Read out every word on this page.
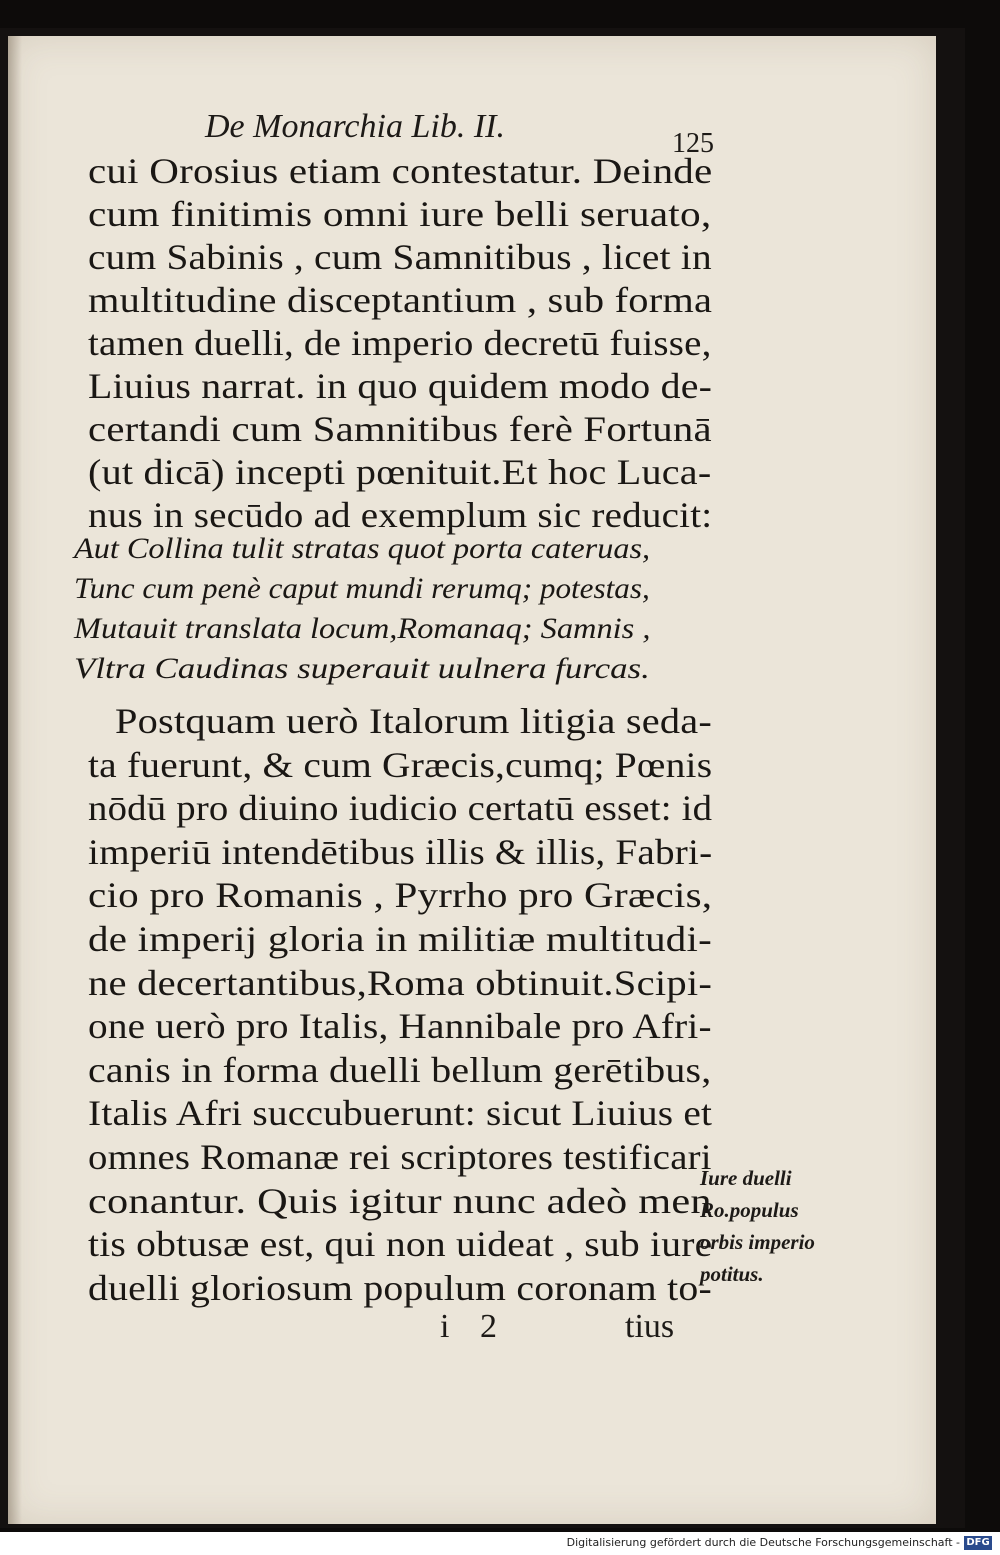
De Monarchia Lib. II.	125
cui Orosius etiam contestatur. Deinde
cum finitimis omni iure belli seruato,
cum Sabinis , cum Samnitibus , licet in
multitudine disceptantium , sub forma
tamen duelli, de imperio decretū fuisse,
Liuius narrat. in quo quidem modo de-
certandi cum Samnitibus ferè Fortunā
(ut dicā) incepti pœnituit.Et hoc Luca-
nus in secūdo ad exemplum sic reducit:
Aut Collina tulit stratas quot porta cateruas,
Tunc cum penè caput mundi rerumq; potestas,
Mutauit translata locum,Romanaq; Samnis ,
Vltra Caudinas superauit uulnera furcas.
Postquam uerò Italorum litigia seda-
ta fuerunt, & cum Græcis,cumq; Pœnis
nōdū pro diuino iudicio certatū esset: id
imperiū intendētibus illis & illis, Fabri-
cio pro Romanis , Pyrrho pro Græcis,
de imperij gloria in militiæ multitudi-
ne decertantibus,Roma obtinuit.Scipi-
one uerò pro Italis, Hannibale pro Afri-
canis in forma duelli bellum gerētibus,
Italis Afri succubuerunt: sicut Liuius et
omnes Romanæ rei scriptores testificari
conantur. Quis igitur nunc adeò men
tis obtusæ est, qui non uideat , sub iure
duelli gloriosum populum coronam to-
Iure duelli
Ro.populus
orbis imperio
potitus.
i 2	tius
Digitalisierung gefördert durch die Deutsche Forschungsgemeinschaft - DFG
